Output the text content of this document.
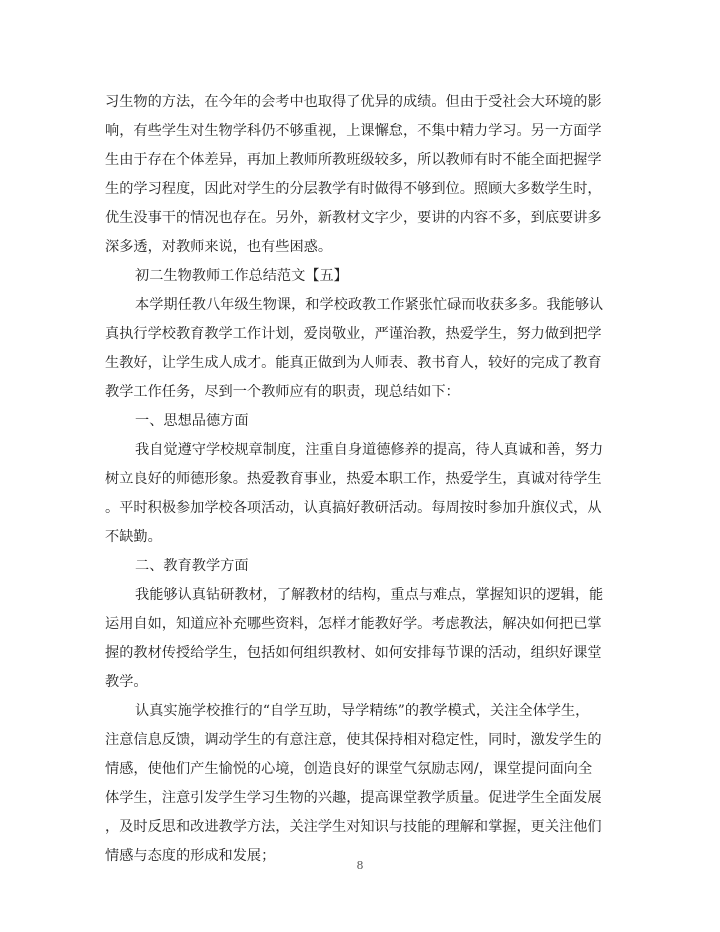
习生物的方法，在今年的会考中也取得了优异的成绩。但由于受社会大环境的影
响，有些学生对生物学科仍不够重视，上课懈怠，不集中精力学习。另一方面学
生由于存在个体差异，再加上教师所教班级较多，所以教师有时不能全面把握学
生的学习程度，因此对学生的分层教学有时做得不够到位。照顾大多数学生时，
优生没事干的情况也存在。另外，新教材文字少，要讲的内容不多，到底要讲多
深多透，对教师来说，也有些困惑。
初二生物教师工作总结范文【五】
本学期任教八年级生物课，和学校政教工作紧张忙碌而收获多多。我能够认
真执行学校教育教学工作计划，爱岗敬业，严谨治教，热爱学生，努力做到把学
生教好，让学生成人成才。能真正做到为人师表、教书育人，较好的完成了教育
教学工作任务，尽到一个教师应有的职责，现总结如下：
一、思想品德方面
我自觉遵守学校规章制度，注重自身道德修养的提高，待人真诚和善，努力
树立良好的师德形象。热爱教育事业，热爱本职工作，热爱学生，真诚对待学生
。平时积极参加学校各项活动，认真搞好教研活动。每周按时参加升旗仪式，从
不缺勤。
二、教育教学方面
我能够认真钻研教材，了解教材的结构，重点与难点，掌握知识的逻辑，能
运用自如，知道应补充哪些资料，怎样才能教好学。考虑教法，解决如何把已掌
握的教材传授给学生，包括如何组织教材、如何安排每节课的活动，组织好课堂
教学。
认真实施学校推行的“自学互助，导学精练”的教学模式，关注全体学生，
注意信息反馈，调动学生的有意注意，使其保持相对稳定性，同时，激发学生的
情感，使他们产生愉悦的心境，创造良好的课堂气氛励志网/，课堂提问面向全
体学生，注意引发学生学习生物的兴趣，提高课堂教学质量。促进学生全面发展
，及时反思和改进教学方法，关注学生对知识与技能的理解和掌握，更关注他们
情感与态度的形成和发展；
8
